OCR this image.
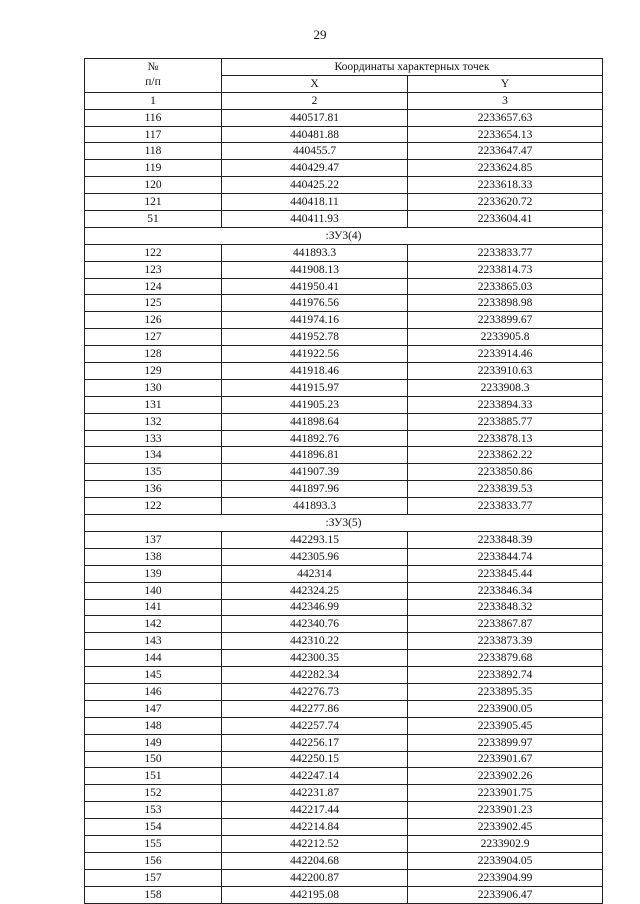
29
№
п/п	Координаты характерных точек	
	X	Y
1	2	3
116	440517.81	2233657.63
117	440481.88	2233654.13
118	440455.7	2233647.47
119	440429.47	2233624.85
120	440425.22	2233618.33
121	440418.11	2233620.72
51	440411.93	2233604.41
:ЗУ3(4)		
122	441893.3	2233833.77
123	441908.13	2233814.73
124	441950.41	2233865.03
125	441976.56	2233898.98
126	441974.16	2233899.67
127	441952.78	2233905.8
128	441922.56	2233914.46
129	441918.46	2233910.63
130	441915.97	2233908.3
131	441905.23	2233894.33
132	441898.64	2233885.77
133	441892.76	2233878.13
134	441896.81	2233862.22
135	441907.39	2233850.86
136	441897.96	2233839.53
122	441893.3	2233833.77
:ЗУ3(5)		
137	442293.15	2233848.39
138	442305.96	2233844.74
139	442314	2233845.44
140	442324.25	2233846.34
141	442346.99	2233848.32
142	442340.76	2233867.87
143	442310.22	2233873.39
144	442300.35	2233879.68
145	442282.34	2233892.74
146	442276.73	2233895.35
147	442277.86	2233900.05
148	442257.74	2233905.45
149	442256.17	2233899.97
150	442250.15	2233901.67
151	442247.14	2233902.26
152	442231.87	2233901.75
153	442217.44	2233901.23
154	442214.84	2233902.45
155	442212.52	2233902.9
156	442204.68	2233904.05
157	442200.87	2233904.99
158	442195.08	2233906.47
